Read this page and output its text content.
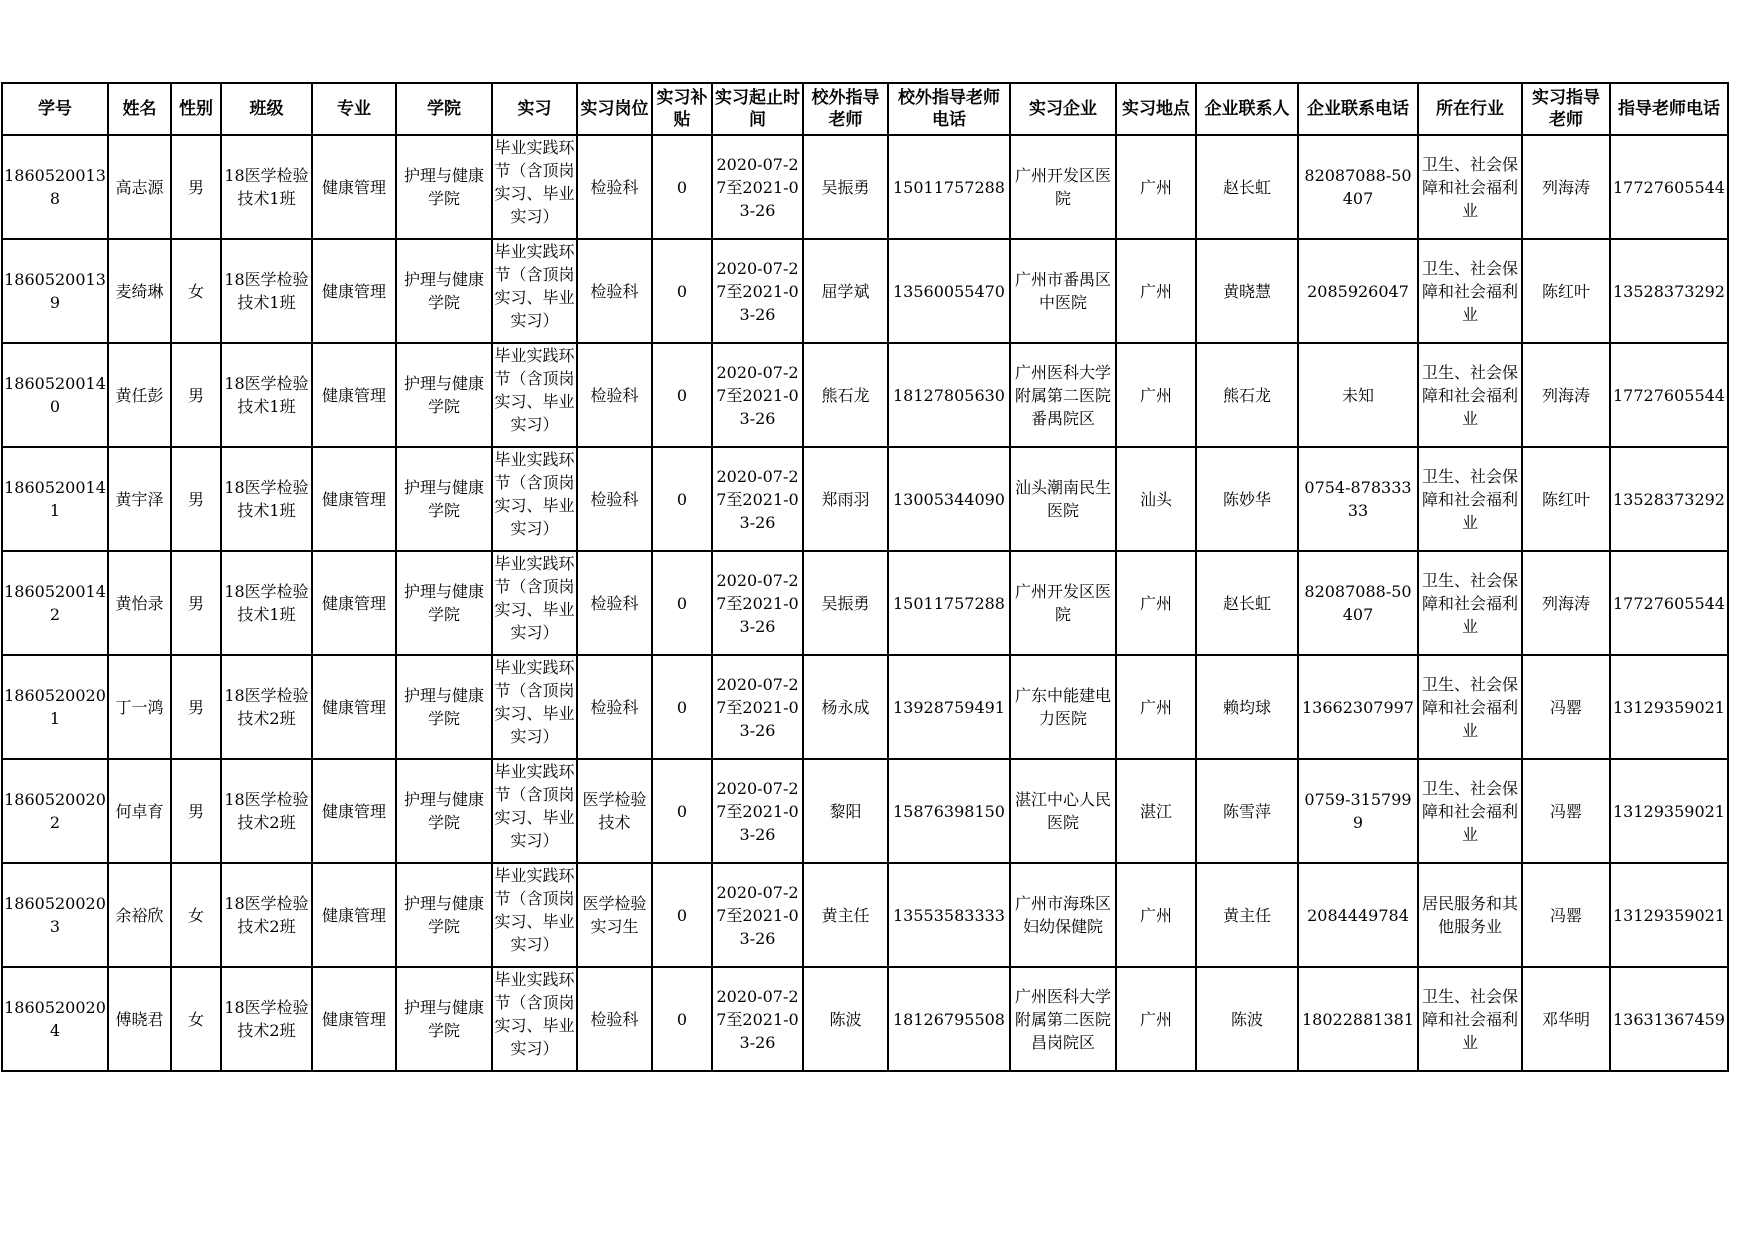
学号	姓名	性别	班级	专业	学院	实习	实习岗位	实习补贴	实习起止时间	校外指导老师	校外指导老师电话	实习企业	实习地点	企业联系人	企业联系电话	所在行业	实习指导老师	指导老师电话
18605200138	高志源	男	18医学检验技术1班	健康管理	护理与健康学院	毕业实践环节（含顶岗实习、毕业实习）	检验科	0	2020-07-27至2021-03-26	吴振勇	15011757288	广州开发区医院	广州	赵长虹	82087088-50407	卫生、社会保障和社会福利业	列海涛	17727605544
18605200139	麦绮琳	女	18医学检验技术1班	健康管理	护理与健康学院	毕业实践环节（含顶岗实习、毕业实习）	检验科	0	2020-07-27至2021-03-26	屈学斌	13560055470	广州市番禺区中医院	广州	黄晓慧	2085926047	卫生、社会保障和社会福利业	陈红叶	13528373292
18605200140	黄任彭	男	18医学检验技术1班	健康管理	护理与健康学院	毕业实践环节（含顶岗实习、毕业实习）	检验科	0	2020-07-27至2021-03-26	熊石龙	18127805630	广州医科大学附属第二医院番禺院区	广州	熊石龙	未知	卫生、社会保障和社会福利业	列海涛	17727605544
18605200141	黄宇泽	男	18医学检验技术1班	健康管理	护理与健康学院	毕业实践环节（含顶岗实习、毕业实习）	检验科	0	2020-07-27至2021-03-26	郑雨羽	13005344090	汕头潮南民生医院	汕头	陈妙华	0754-87833333	卫生、社会保障和社会福利业	陈红叶	13528373292
18605200142	黄怡录	男	18医学检验技术1班	健康管理	护理与健康学院	毕业实践环节（含顶岗实习、毕业实习）	检验科	0	2020-07-27至2021-03-26	吴振勇	15011757288	广州开发区医院	广州	赵长虹	82087088-50407	卫生、社会保障和社会福利业	列海涛	17727605544
18605200201	丁一鸿	男	18医学检验技术2班	健康管理	护理与健康学院	毕业实践环节（含顶岗实习、毕业实习）	检验科	0	2020-07-27至2021-03-26	杨永成	13928759491	广东中能建电力医院	广州	赖均球	13662307997	卫生、社会保障和社会福利业	冯罂	13129359021
18605200202	何卓育	男	18医学检验技术2班	健康管理	护理与健康学院	毕业实践环节（含顶岗实习、毕业实习）	医学检验技术	0	2020-07-27至2021-03-26	黎阳	15876398150	湛江中心人民医院	湛江	陈雪萍	0759-3157999	卫生、社会保障和社会福利业	冯罂	13129359021
18605200203	余裕欣	女	18医学检验技术2班	健康管理	护理与健康学院	毕业实践环节（含顶岗实习、毕业实习）	医学检验实习生	0	2020-07-27至2021-03-26	黄主任	13553583333	广州市海珠区妇幼保健院	广州	黄主任	2084449784	居民服务和其他服务业	冯罂	13129359021
18605200204	傅晓君	女	18医学检验技术2班	健康管理	护理与健康学院	毕业实践环节（含顶岗实习、毕业实习）	检验科	0	2020-07-27至2021-03-26	陈波	18126795508	广州医科大学附属第二医院昌岗院区	广州	陈波	18022881381	卫生、社会保障和社会福利业	邓华明	13631367459
